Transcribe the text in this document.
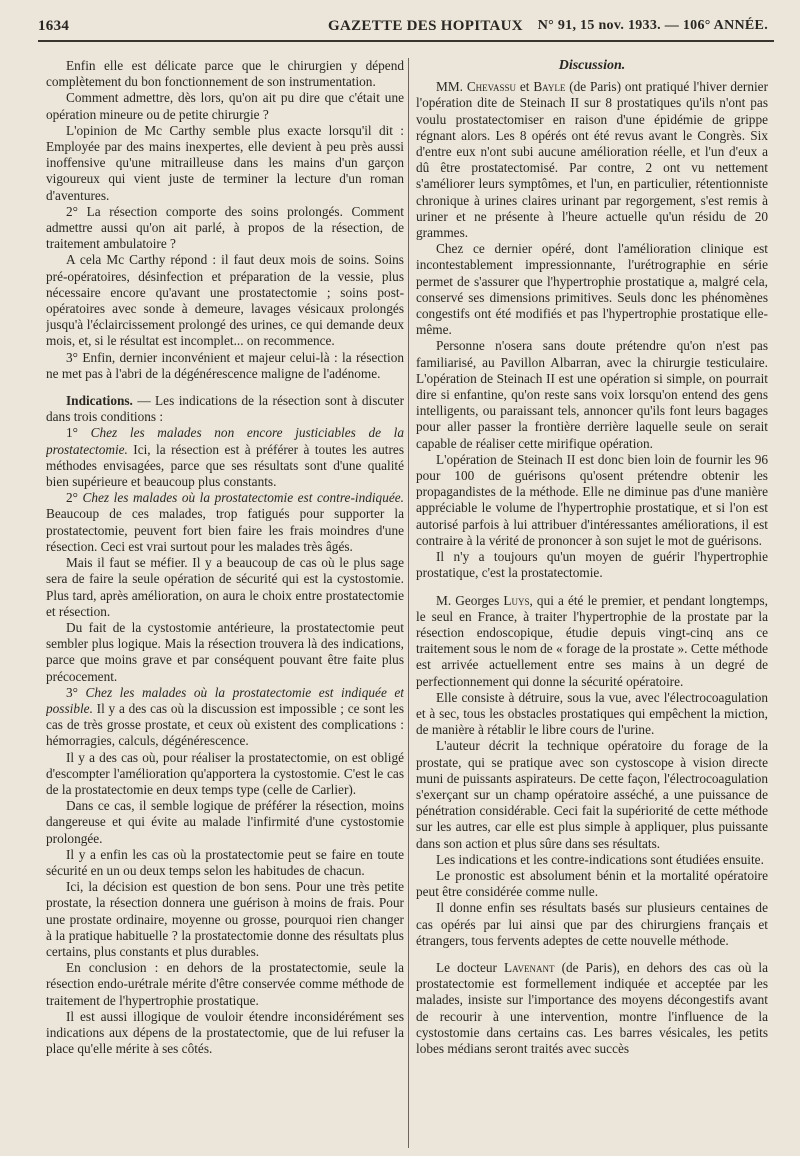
1634	GAZETTE DES HOPITAUX N° 91, 15 nov. 1933. — 106° ANNÉE.

Enfin elle est délicate parce que le chirurgien y dépend complètement du bon fonctionnement de son instrumentation.

Comment admettre, dès lors, qu'on ait pu dire que c'était une opération mineure ou de petite chirurgie ?

L'opinion de Mc Carthy semble plus exacte lorsqu'il dit : Employée par des mains inexpertes, elle devient à peu près aussi inoffensive qu'une mitrailleuse dans les mains d'un garçon vigoureux qui vient juste de terminer la lecture d'un roman d'aventures.

2° La résection comporte des soins prolongés. Comment admettre aussi qu'on ait parlé, à propos de la résection, de traitement ambulatoire ?

A cela Mc Carthy répond : il faut deux mois de soins. Soins pré-opératoires, désinfection et préparation de la vessie, plus nécessaire encore qu'avant une prostatectomie ; soins post-opératoires avec sonde à demeure, lavages vésicaux prolongés jusqu'à l'éclaircissement prolongé des urines, ce qui demande deux mois, et, si le résultat est incomplet... on recommence.

3° Enfin, dernier inconvénient et majeur celui-là : la résection ne met pas à l'abri de la dégénérescence maligne de l'adénome.

Indications. — Les indications de la résection sont à discuter dans trois conditions :

1° Chez les malades non encore justiciables de la prostatectomie. Ici, la résection est à préférer à toutes les autres méthodes envisagées, parce que ses résultats sont d'une qualité bien supérieure et beaucoup plus constants.

2° Chez les malades où la prostatectomie est contre-indiquée. Beaucoup de ces malades, trop fatigués pour supporter la prostatectomie, peuvent fort bien faire les frais moindres d'une résection. Ceci est vrai surtout pour les malades très âgés.

Mais il faut se méfier. Il y a beaucoup de cas où le plus sage sera de faire la seule opération de sécurité qui est la cystostomie. Plus tard, après amélioration, on aura le choix entre prostatectomie et résection.

Du fait de la cystostomie antérieure, la prostatectomie peut sembler plus logique. Mais la résection trouvera là des indications, parce que moins grave et par conséquent pouvant être faite plus précocement.

3° Chez les malades où la prostatectomie est indiquée et possible. Il y a des cas où la discussion est impossible ; ce sont les cas de très grosse prostate, et ceux où existent des complications : hémorragies, calculs, dégénérescence.

Il y a des cas où, pour réaliser la prostatectomie, on est obligé d'escompter l'amélioration qu'apportera la cystostomie. C'est le cas de la prostatectomie en deux temps type (celle de Carlier).

Dans ce cas, il semble logique de préférer la résection, moins dangereuse et qui évite au malade l'infirmité d'une cystostomie prolongée.

Il y a enfin les cas où la prostatectomie peut se faire en toute sécurité en un ou deux temps selon les habitudes de chacun.

Ici, la décision est question de bon sens. Pour une très petite prostate, la résection donnera une guérison à moins de frais. Pour une prostate ordinaire, moyenne ou grosse, pourquoi rien changer à la pratique habituelle ? la prostatectomie donne des résultats plus certains, plus constants et plus durables.

En conclusion : en dehors de la prostatectomie, seule la résection endo-urétrale mérite d'être conservée comme méthode de traitement de l'hypertrophie prostatique.

Il est aussi illogique de vouloir étendre inconsidérément ses indications aux dépens de la prostatectomie, que de lui refuser la place qu'elle mérite à ses côtés.

Discussion.

MM. Chevassu et Bayle (de Paris) ont pratiqué l'hiver dernier l'opération dite de Steinach II sur 8 prostatiques qu'ils n'ont pas voulu prostatectomiser en raison d'une épidémie de grippe régnant alors. Les 8 opérés ont été revus avant le Congrès. Six d'entre eux n'ont subi aucune amélioration réelle, et l'un d'eux a dû être prostatectomisé. Par contre, 2 ont vu nettement s'améliorer leurs symptômes, et l'un, en particulier, rétentionniste chronique à urines claires urinant par regorgement, s'est remis à uriner et ne présente à l'heure actuelle qu'un résidu de 20 grammes.

Chez ce dernier opéré, dont l'amélioration clinique est incontestablement impressionnante, l'urétrographie en série permet de s'assurer que l'hypertrophie prostatique a, malgré cela, conservé ses dimensions primitives. Seuls donc les phénomènes congestifs ont été modifiés et pas l'hypertrophie prostatique elle-même.

Personne n'osera sans doute prétendre qu'on n'est pas familiarisé, au Pavillon Albarran, avec la chirurgie testiculaire. L'opération de Steinach II est une opération si simple, on pourrait dire si enfantine, qu'on reste sans voix lorsqu'on entend des gens intelligents, ou paraissant tels, annoncer qu'ils font leurs bagages pour aller passer la frontière derrière laquelle seule on serait capable de réaliser cette mirifique opération.

L'opération de Steinach II est donc bien loin de fournir les 96 pour 100 de guérisons qu'osent prétendre obtenir les propagandistes de la méthode. Elle ne diminue pas d'une manière appréciable le volume de l'hypertrophie prostatique, et si l'on est autorisé parfois à lui attribuer d'intéressantes améliorations, il est contraire à la vérité de prononcer à son sujet le mot de guérisons.

Il n'y a toujours qu'un moyen de guérir l'hypertrophie prostatique, c'est la prostatectomie.

M. Georges Luys, qui a été le premier, et pendant longtemps, le seul en France, à traiter l'hypertrophie de la prostate par la résection endoscopique, étudie depuis vingt-cinq ans ce traitement sous le nom de « forage de la prostate ». Cette méthode est arrivée actuellement entre ses mains à un degré de perfectionnement qui donne la sécurité opératoire.

Elle consiste à détruire, sous la vue, avec l'électrocoagulation et à sec, tous les obstacles prostatiques qui empêchent la miction, de manière à rétablir le libre cours de l'urine.

L'auteur décrit la technique opératoire du forage de la prostate, qui se pratique avec son cystoscope à vision directe muni de puissants aspirateurs. De cette façon, l'électrocoagulation s'exerçant sur un champ opératoire asséché, a une puissance de pénétration considérable. Ceci fait la supériorité de cette méthode sur les autres, car elle est plus simple à appliquer, plus puissante dans son action et plus sûre dans ses résultats.

Les indications et les contre-indications sont étudiées ensuite.

Le pronostic est absolument bénin et la mortalité opératoire peut être considérée comme nulle.

Il donne enfin ses résultats basés sur plusieurs centaines de cas opérés par lui ainsi que par des chirurgiens français et étrangers, tous fervents adeptes de cette nouvelle méthode.

Le docteur Lavenant (de Paris), en dehors des cas où la prostatectomie est formellement indiquée et acceptée par les malades, insiste sur l'importance des moyens décongestifs avant de recourir à une intervention, montre l'influence de la cystostomie dans certains cas. Les barres vésicales, les petits lobes médians seront traités avec succès
